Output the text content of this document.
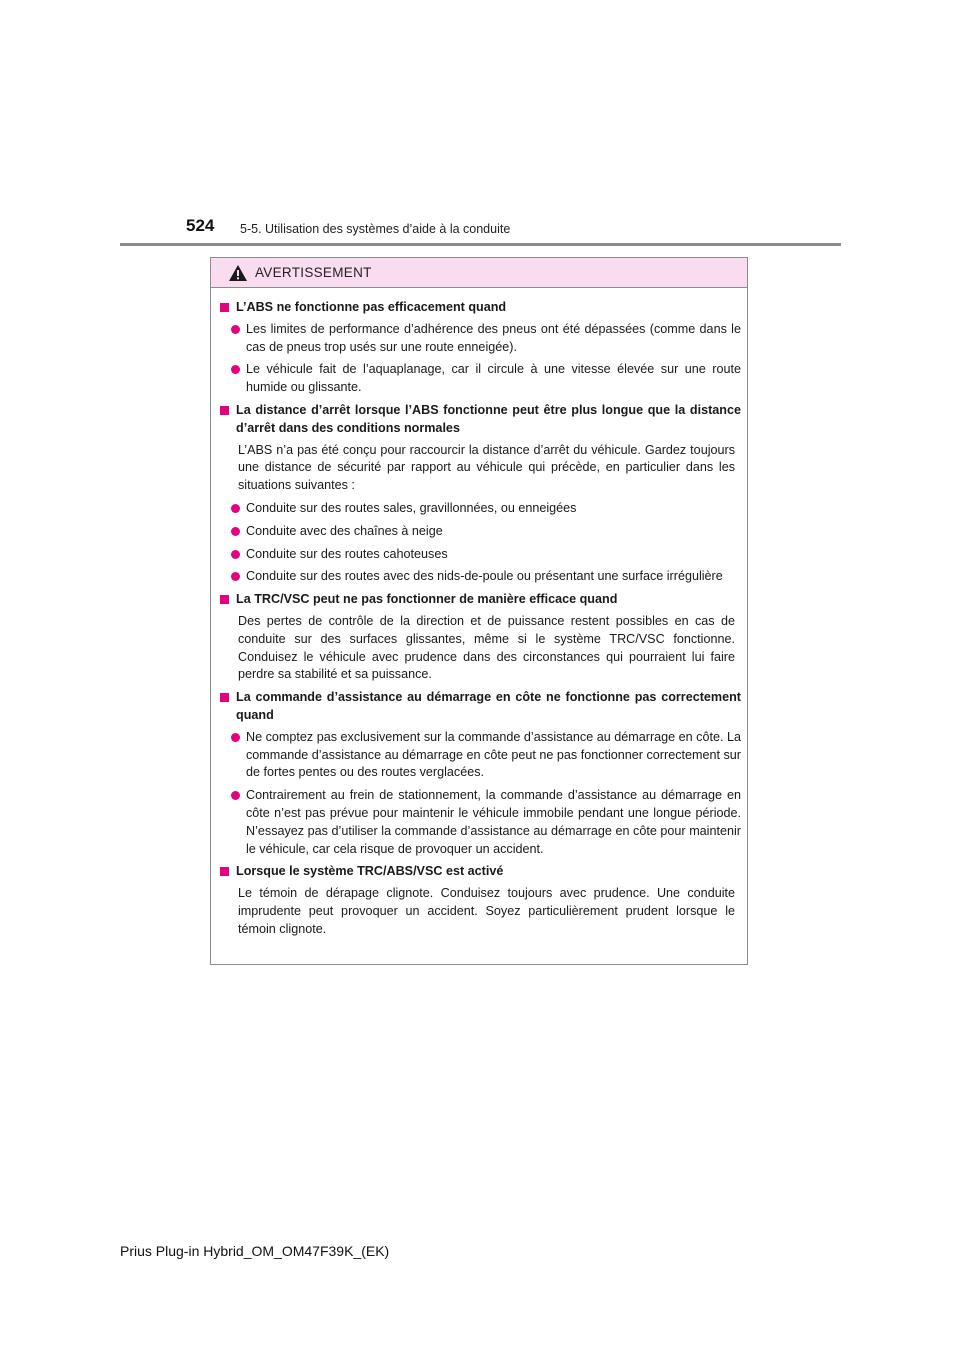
524 5-5. Utilisation des systèmes d’aide à la conduite
AVERTISSEMENT
L’ABS ne fonctionne pas efficacement quand
Les limites de performance d’adhérence des pneus ont été dépassées (comme dans le cas de pneus trop usés sur une route enneigée).
Le véhicule fait de l’aquaplanage, car il circule à une vitesse élevée sur une route humide ou glissante.
La distance d’arrêt lorsque l’ABS fonctionne peut être plus longue que la distance d’arrêt dans des conditions normales
L’ABS n’a pas été conçu pour raccourcir la distance d’arrêt du véhicule. Gardez toujours une distance de sécurité par rapport au véhicule qui précède, en particulier dans les situations suivantes :
Conduite sur des routes sales, gravillonnées, ou enneigées
Conduite avec des chaînes à neige
Conduite sur des routes cahoteuses
Conduite sur des routes avec des nids-de-poule ou présentant une surface irrégulière
La TRC/VSC peut ne pas fonctionner de manière efficace quand
Des pertes de contrôle de la direction et de puissance restent possibles en cas de conduite sur des surfaces glissantes, même si le système TRC/VSC fonctionne. Conduisez le véhicule avec prudence dans des circonstances qui pourraient lui faire perdre sa stabilité et sa puissance.
La commande d’assistance au démarrage en côte ne fonctionne pas correctement quand
Ne comptez pas exclusivement sur la commande d’assistance au démarrage en côte. La commande d’assistance au démarrage en côte peut ne pas fonctionner correctement sur de fortes pentes ou des routes verglacées.
Contrairement au frein de stationnement, la commande d’assistance au démarrage en côte n’est pas prévue pour maintenir le véhicule immobile pendant une longue période. N’essayez pas d’utiliser la commande d’assistance au démarrage en côte pour maintenir le véhicule, car cela risque de provoquer un accident.
Lorsque le système TRC/ABS/VSC est activé
Le témoin de dérapage clignote. Conduisez toujours avec prudence. Une conduite imprudente peut provoquer un accident. Soyez particulièrement prudent lorsque le témoin clignote.
Prius Plug-in Hybrid_OM_OM47F39K_(EK)
